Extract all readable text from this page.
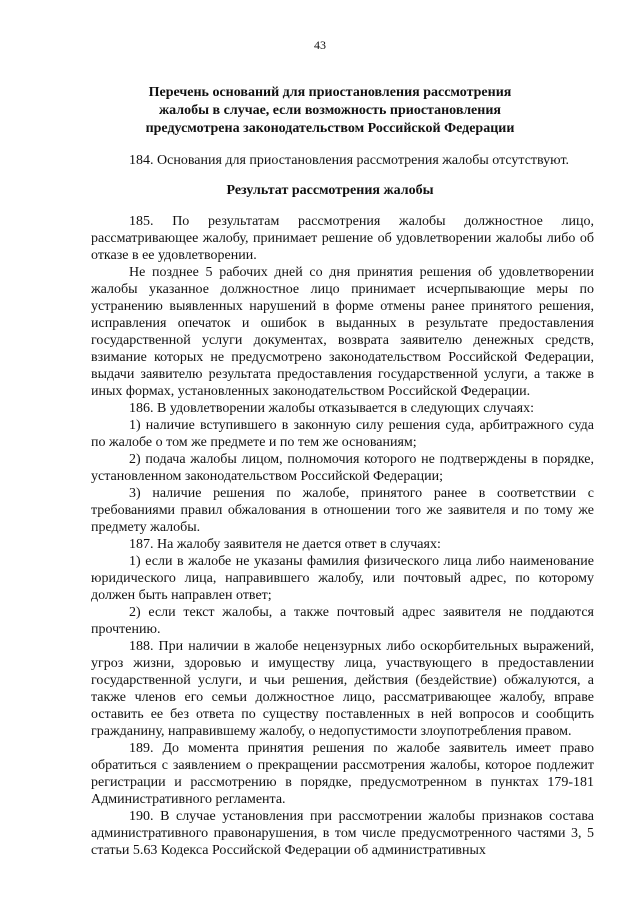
43
Перечень оснований для приостановления рассмотрения
жалобы в случае, если возможность приостановления
предусмотрена законодательством Российской Федерации
184. Основания для приостановления рассмотрения жалобы отсутствуют.
Результат рассмотрения жалобы
185. По результатам рассмотрения жалобы должностное лицо, рассматривающее жалобу, принимает решение об удовлетворении жалобы либо об отказе в ее удовлетворении.
Не позднее 5 рабочих дней со дня принятия решения об удовлетворении жалобы указанное должностное лицо принимает исчерпывающие меры по устранению выявленных нарушений в форме отмены ранее принятого решения, исправления опечаток и ошибок в выданных в результате предоставления государственной услуги документах, возврата заявителю денежных средств, взимание которых не предусмотрено законодательством Российской Федерации, выдачи заявителю результата предоставления государственной услуги, а также в иных формах, установленных законодательством Российской Федерации.
186. В удовлетворении жалобы отказывается в следующих случаях:
1) наличие вступившего в законную силу решения суда, арбитражного суда по жалобе о том же предмете и по тем же основаниям;
2) подача жалобы лицом, полномочия которого не подтверждены в порядке, установленном законодательством Российской Федерации;
3) наличие решения по жалобе, принятого ранее в соответствии с требованиями правил обжалования в отношении того же заявителя и по тому же предмету жалобы.
187. На жалобу заявителя не дается ответ в случаях:
1) если в жалобе не указаны фамилия физического лица либо наименование юридического лица, направившего жалобу, или почтовый адрес, по которому должен быть направлен ответ;
2) если текст жалобы, а также почтовый адрес заявителя не поддаются прочтению.
188. При наличии в жалобе нецензурных либо оскорбительных выражений, угроз жизни, здоровью и имуществу лица, участвующего в предоставлении государственной услуги, и чьи решения, действия (бездействие) обжалуются, а также членов его семьи должностное лицо, рассматривающее жалобу, вправе оставить ее без ответа по существу поставленных в ней вопросов и сообщить гражданину, направившему жалобу, о недопустимости злоупотребления правом.
189. До момента принятия решения по жалобе заявитель имеет право обратиться с заявлением о прекращении рассмотрения жалобы, которое подлежит регистрации и рассмотрению в порядке, предусмотренном в пунктах 179-181 Административного регламента.
190. В случае установления при рассмотрении жалобы признаков состава административного правонарушения, в том числе предусмотренного частями 3, 5 статьи 5.63 Кодекса Российской Федерации об административных
